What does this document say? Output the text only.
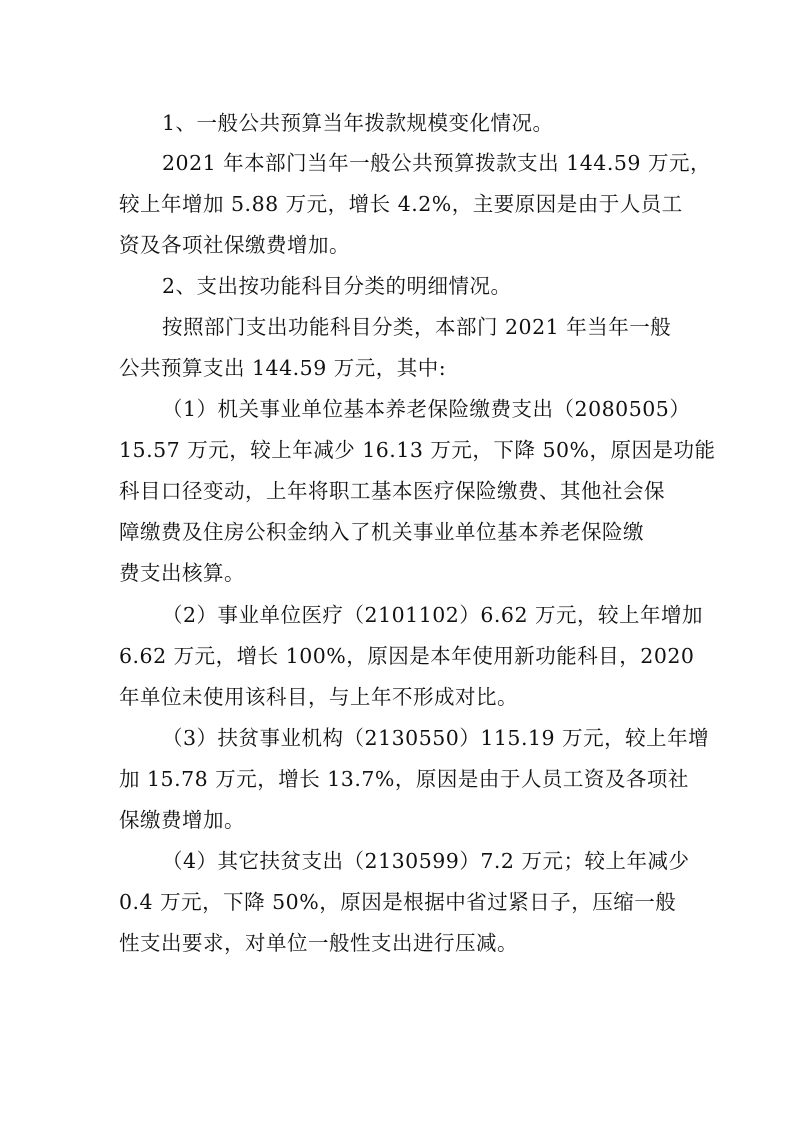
1、一般公共预算当年拨款规模变化情况。
2021 年本部门当年一般公共预算拨款支出 144.59 万元，
较上年增加 5.88 万元，增长 4.2%，主要原因是由于人员工
资及各项社保缴费增加。
2、支出按功能科目分类的明细情况。
按照部门支出功能科目分类，本部门 2021 年当年一般
公共预算支出 144.59 万元，其中:
（1）机关事业单位基本养老保险缴费支出（2080505）
15.57 万元，较上年减少 16.13 万元，下降 50%，原因是功能
科目口径变动，上年将职工基本医疗保险缴费、其他社会保
障缴费及住房公积金纳入了机关事业单位基本养老保险缴
费支出核算。
（2）事业单位医疗（2101102）6.62 万元，较上年增加
6.62 万元，增长 100%，原因是本年使用新功能科目，2020
年单位未使用该科目，与上年不形成对比。
（3）扶贫事业机构（2130550）115.19 万元，较上年增
加 15.78 万元，增长 13.7%，原因是由于人员工资及各项社
保缴费增加。
（4）其它扶贫支出（2130599）7.2 万元；较上年减少
0.4 万元，下降 50%，原因是根据中省过紧日子，压缩一般
性支出要求，对单位一般性支出进行压减。
